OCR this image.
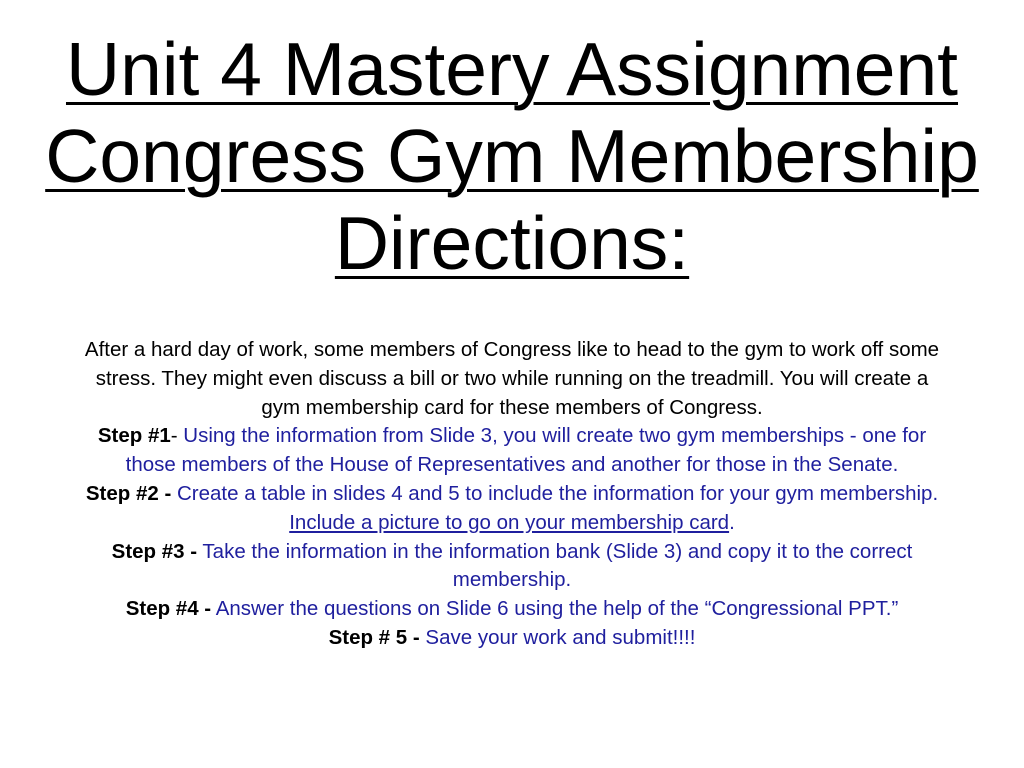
Unit 4 Mastery Assignment
Congress Gym Membership
Directions:

After a hard day of work, some members of Congress like to head to the gym to work off some stress. They might even discuss a bill or two while running on the treadmill. You will create a gym membership card for these members of Congress.

Step #1- Using the information from Slide 3, you will create two gym memberships - one for those members of the House of Representatives and another for those in the Senate.

Step #2 - Create a table in slides 4 and 5 to include the information for your gym membership. Include a picture to go on your membership card.

Step #3 - Take the information in the information bank (Slide 3) and copy it to the correct membership.

Step #4 - Answer the questions on Slide 6 using the help of the “Congressional PPT.”

Step # 5 - Save your work and submit!!!!
